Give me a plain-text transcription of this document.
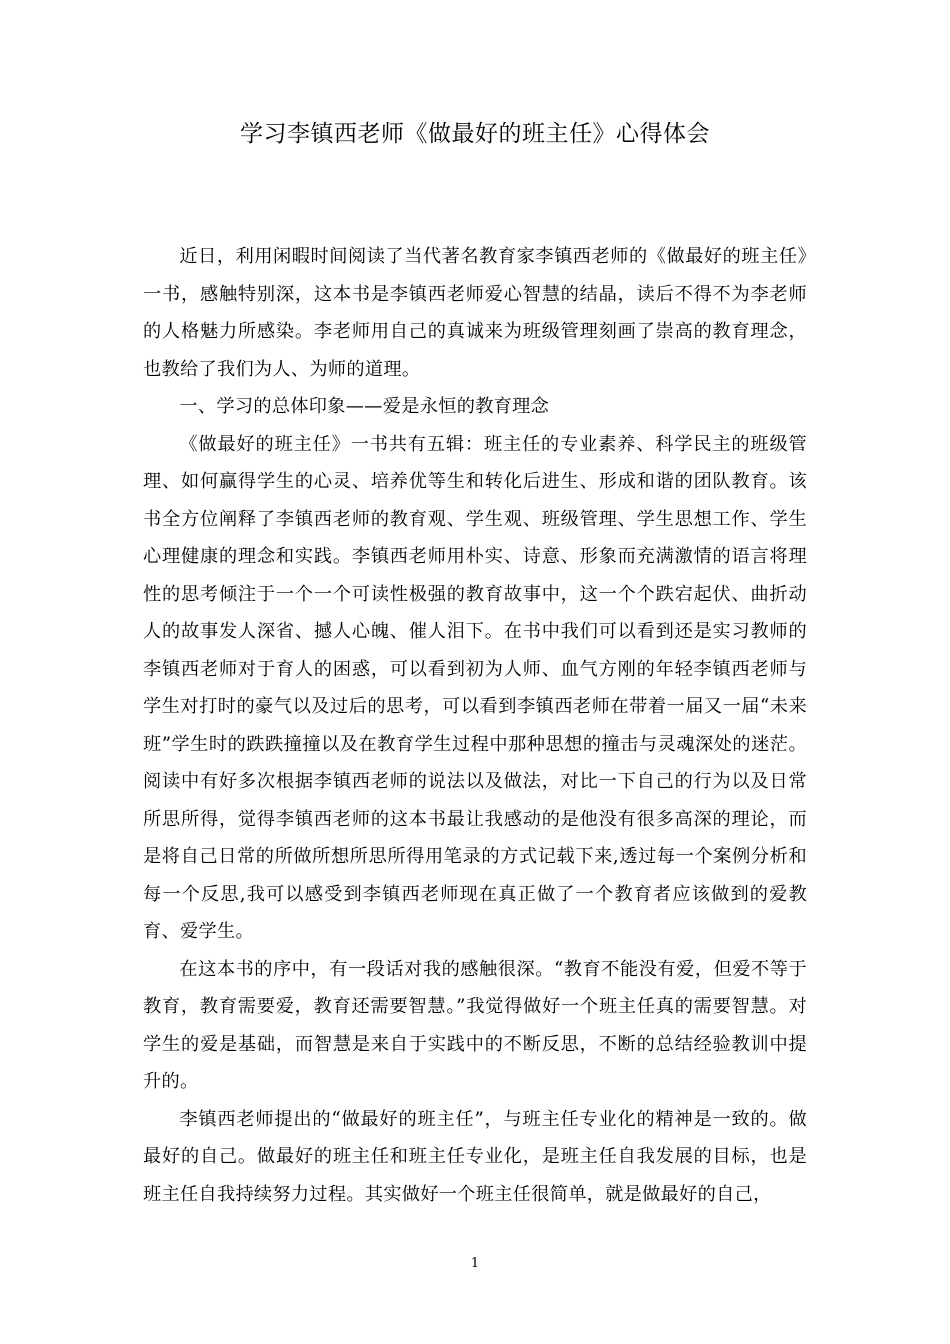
学习李镇西老师《做最好的班主任》心得体会

近日，利用闲暇时间阅读了当代著名教育家李镇西老师的《做最好的班主任》一书，感触特别深，这本书是李镇西老师爱心智慧的结晶，读后不得不为李老师的人格魅力所感染。李老师用自己的真诚来为班级管理刻画了崇高的教育理念，也教给了我们为人、为师的道理。

一、学习的总体印象——爱是永恒的教育理念

《做最好的班主任》一书共有五辑：班主任的专业素养、科学民主的班级管理、如何赢得学生的心灵、培养优等生和转化后进生、形成和谐的团队教育。该书全方位阐释了李镇西老师的教育观、学生观、班级管理、学生思想工作、学生心理健康的理念和实践。李镇西老师用朴实、诗意、形象而充满激情的语言将理性的思考倾注于一个一个可读性极强的教育故事中，这一个个跌宕起伏、曲折动人的故事发人深省、撼人心魄、催人泪下。在书中我们可以看到还是实习教师的李镇西老师对于育人的困惑，可以看到初为人师、血气方刚的年轻李镇西老师与学生对打时的豪气以及过后的思考，可以看到李镇西老师在带着一届又一届“未来班”学生时的跌跌撞撞以及在教育学生过程中那种思想的撞击与灵魂深处的迷茫。阅读中有好多次根据李镇西老师的说法以及做法，对比一下自己的行为以及日常所思所得，觉得李镇西老师的这本书最让我感动的是他没有很多高深的理论，而是将自己日常的所做所想所思所得用笔录的方式记载下来,透过每一个案例分析和每一个反思,我可以感受到李镇西老师现在真正做了一个教育者应该做到的爱教育、爱学生。

在这本书的序中，有一段话对我的感触很深。“教育不能没有爱，但爱不等于教育，教育需要爱，教育还需要智慧。”我觉得做好一个班主任真的需要智慧。对学生的爱是基础，而智慧是来自于实践中的不断反思，不断的总结经验教训中提升的。

李镇西老师提出的“做最好的班主任”，与班主任专业化的精神是一致的。做最好的自己。做最好的班主任和班主任专业化，是班主任自我发展的目标，也是班主任自我持续努力过程。其实做好一个班主任很简单，就是做最好的自己，

1
